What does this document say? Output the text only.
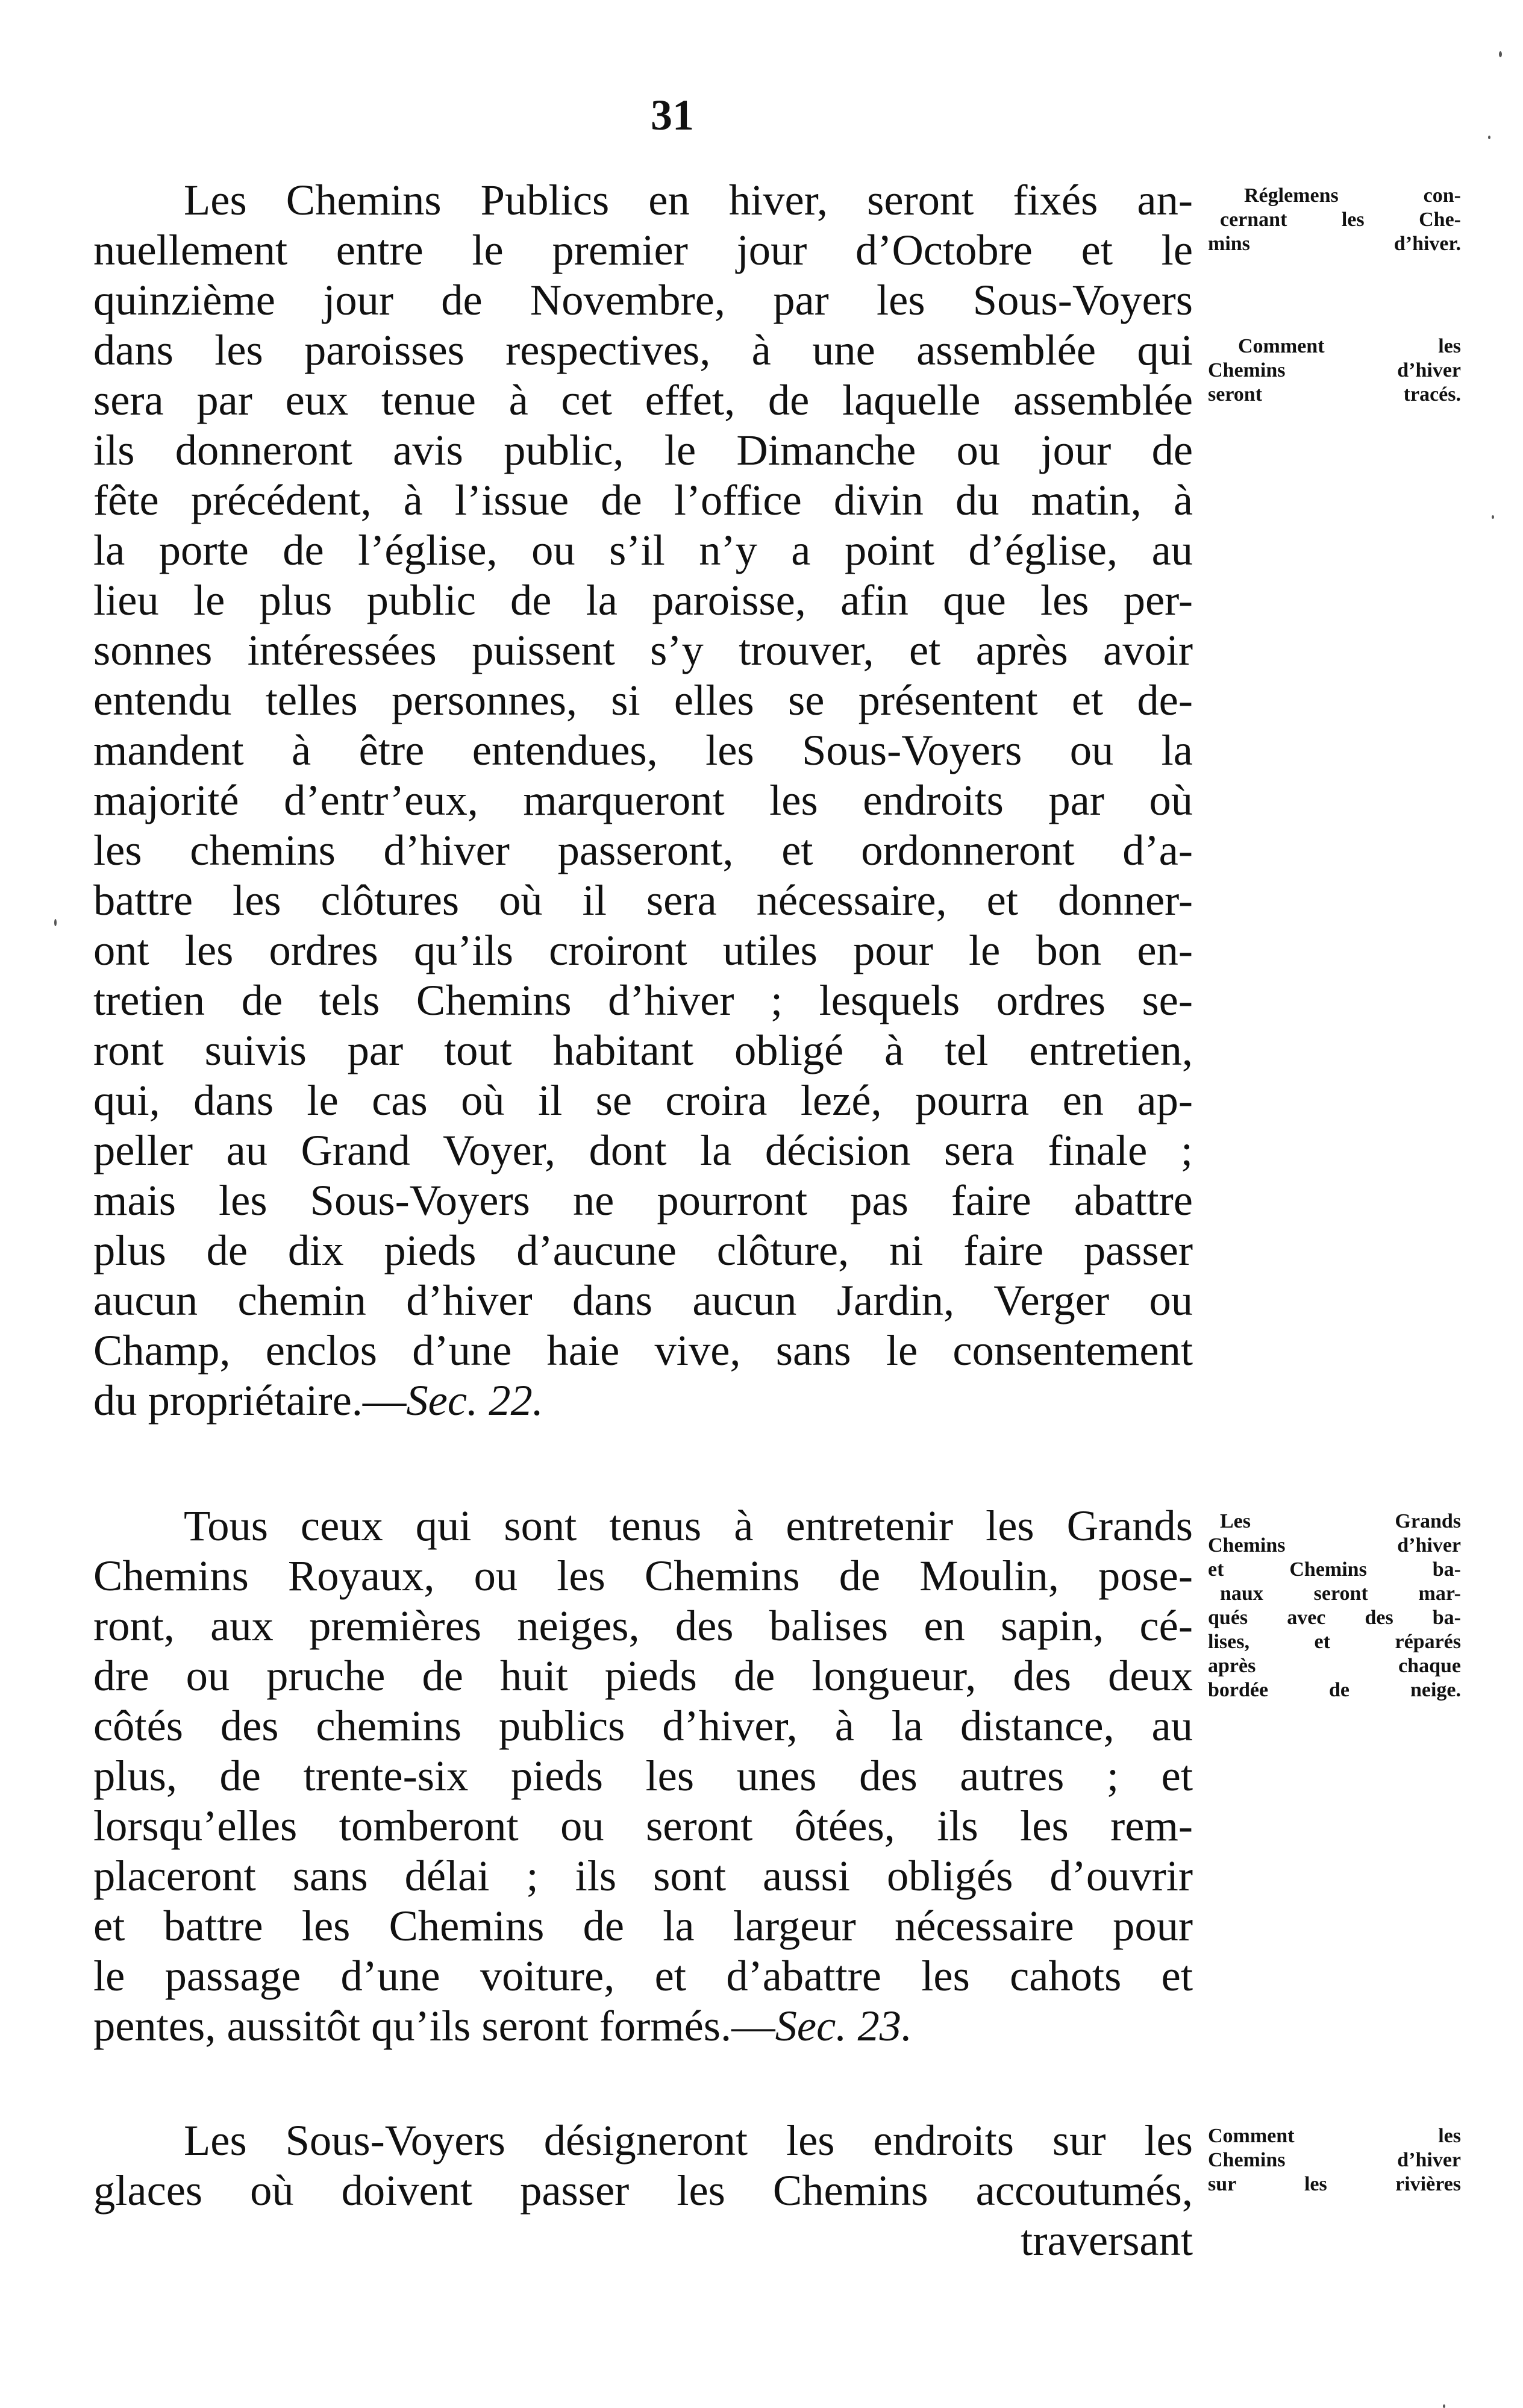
31
Les Chemins Publics en hiver, seront fixés an-
nuellement entre le premier jour d’Octobre et le
quinzième jour de Novembre, par les Sous-Voyers
dans les paroisses respectives, à une assemblée qui
sera par eux tenue à cet effet, de laquelle assemblée
ils donneront avis public, le Dimanche ou jour de
fête précédent, à l’issue de l’office divin du matin, à
la porte de l’église, ou s’il n’y a point d’église, au
lieu le plus public de la paroisse, afin que les per-
sonnes intéressées puissent s’y trouver, et après avoir
entendu telles personnes, si elles se présentent et de-
mandent à être entendues, les Sous-Voyers ou la
majorité d’entr’eux, marqueront les endroits par où
les chemins d’hiver passeront, et ordonneront d’a-
battre les clôtures où il sera nécessaire, et donner-
ont les ordres qu’ils croiront utiles pour le bon en-
tretien de tels Chemins d’hiver ; lesquels ordres se-
ront suivis par tout habitant obligé à tel entretien,
qui, dans le cas où il se croira lezé, pourra en ap-
peller au Grand Voyer, dont la décision sera finale ;
mais les Sous-Voyers ne pourront pas faire abattre
plus de dix pieds d’aucune clôture, ni faire passer
aucun chemin d’hiver dans aucun Jardin, Verger ou
Champ, enclos d’une haie vive, sans le consentement
du propriétaire.—Sec. 22.
Réglemens con-
cernant les Che-
mins d’hiver.
Comment les
Chemins d’hiver
seront tracés.
Tous ceux qui sont tenus à entretenir les Grands
Chemins Royaux, ou les Chemins de Moulin, pose-
ront, aux premières neiges, des balises en sapin, cé-
dre ou pruche de huit pieds de longueur, des deux
côtés des chemins publics d’hiver, à la distance, au
plus, de trente-six pieds les unes des autres ; et
lorsqu’elles tomberont ou seront ôtées, ils les rem-
placeront sans délai ; ils sont aussi obligés d’ouvrir
et battre les Chemins de la largeur nécessaire pour
le passage d’une voiture, et d’abattre les cahots et
pentes, aussitôt qu’ils seront formés.—Sec. 23.
Les Grands
Chemins d’hiver
et Chemins ba-
naux seront mar-
qués avec des ba-
lises, et réparés
après chaque
bordée de neige.
Les Sous-Voyers désigneront les endroits sur les
glaces où doivent passer les Chemins accoutumés,
traversant
Comment les
Chemins d’hiver
sur les rivières
